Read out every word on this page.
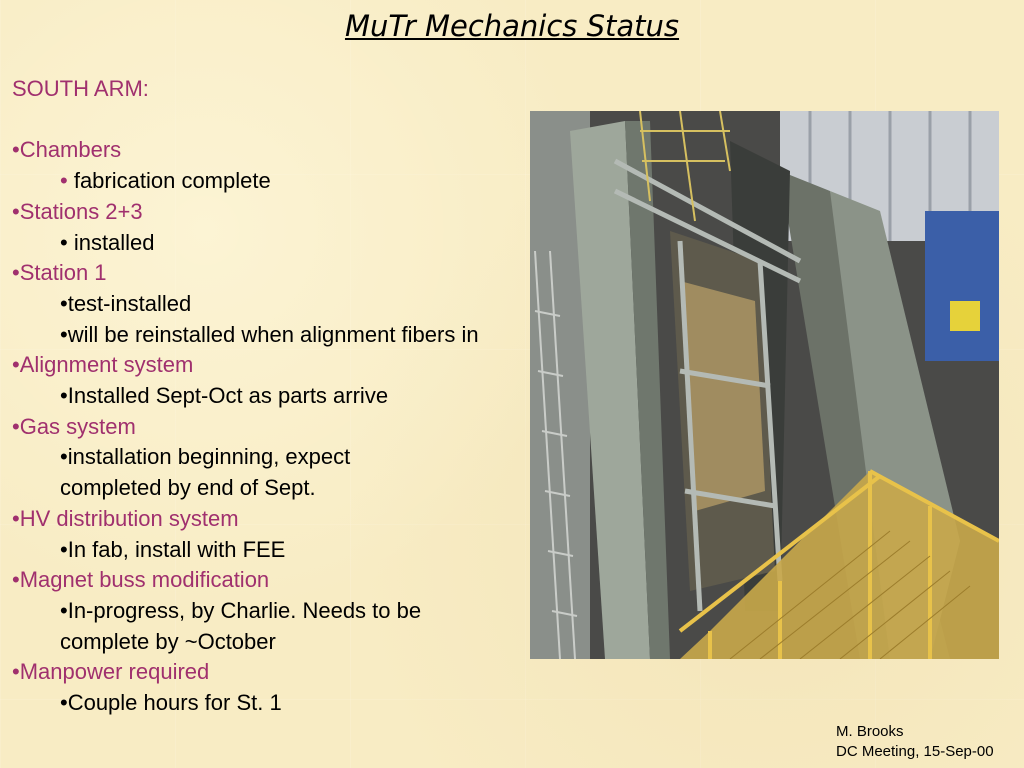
MuTr Mechanics Status
SOUTH ARM:
•Chambers
• fabrication complete
•Stations 2+3
• installed
•Station 1
•test-installed
•will be reinstalled when alignment fibers in
•Alignment system
•Installed Sept-Oct as parts arrive
•Gas system
•installation beginning, expect completed by end of Sept.
•HV distribution system
•In fab, install with FEE
•Magnet buss modification
•In-progress, by Charlie. Needs to be complete by ~October
•Manpower required
•Couple hours for St. 1
M. Brooks
DC Meeting, 15-Sep-00
